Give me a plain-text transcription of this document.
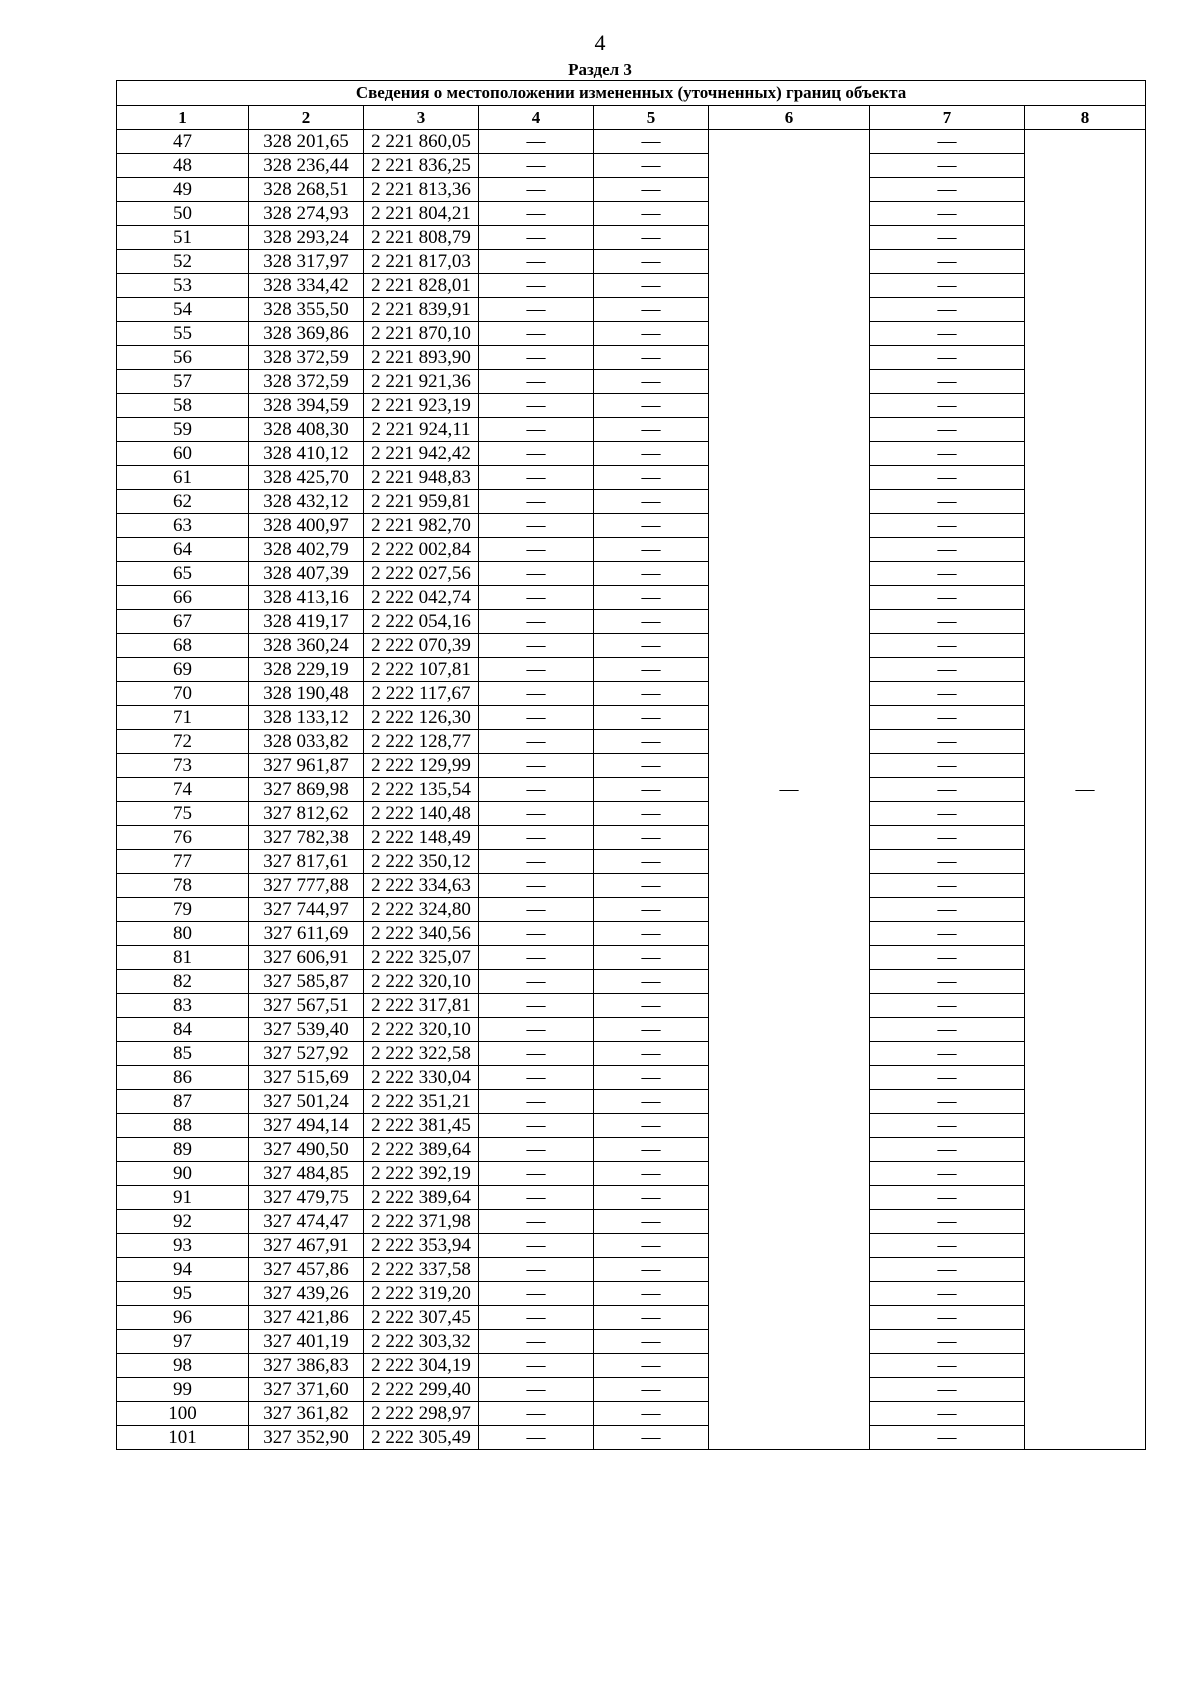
4
Раздел 3
Сведения о местоположении измененных (уточненных) границ объекта							
1	2	3	4	5	6	7	8
47	328 201,65	2 221 860,05	—	—	—	—	—
48	328 236,44	2 221 836,25	—	—		—	
49	328 268,51	2 221 813,36	—	—		—	
50	328 274,93	2 221 804,21	—	—		—	
51	328 293,24	2 221 808,79	—	—		—	
52	328 317,97	2 221 817,03	—	—		—	
53	328 334,42	2 221 828,01	—	—		—	
54	328 355,50	2 221 839,91	—	—		—	
55	328 369,86	2 221 870,10	—	—		—	
56	328 372,59	2 221 893,90	—	—		—	
57	328 372,59	2 221 921,36	—	—		—	
58	328 394,59	2 221 923,19	—	—		—	
59	328 408,30	2 221 924,11	—	—		—	
60	328 410,12	2 221 942,42	—	—		—	
61	328 425,70	2 221 948,83	—	—		—	
62	328 432,12	2 221 959,81	—	—		—	
63	328 400,97	2 221 982,70	—	—		—	
64	328 402,79	2 222 002,84	—	—		—	
65	328 407,39	2 222 027,56	—	—		—	
66	328 413,16	2 222 042,74	—	—		—	
67	328 419,17	2 222 054,16	—	—		—	
68	328 360,24	2 222 070,39	—	—		—	
69	328 229,19	2 222 107,81	—	—		—	
70	328 190,48	2 222 117,67	—	—		—	
71	328 133,12	2 222 126,30	—	—		—	
72	328 033,82	2 222 128,77	—	—		—	
73	327 961,87	2 222 129,99	—	—		—	
74	327 869,98	2 222 135,54	—	—		—	
75	327 812,62	2 222 140,48	—	—		—	
76	327 782,38	2 222 148,49	—	—		—	
77	327 817,61	2 222 350,12	—	—		—	
78	327 777,88	2 222 334,63	—	—		—	
79	327 744,97	2 222 324,80	—	—		—	
80	327 611,69	2 222 340,56	—	—		—	
81	327 606,91	2 222 325,07	—	—		—	
82	327 585,87	2 222 320,10	—	—		—	
83	327 567,51	2 222 317,81	—	—		—	
84	327 539,40	2 222 320,10	—	—		—	
85	327 527,92	2 222 322,58	—	—		—	
86	327 515,69	2 222 330,04	—	—		—	
87	327 501,24	2 222 351,21	—	—		—	
88	327 494,14	2 222 381,45	—	—		—	
89	327 490,50	2 222 389,64	—	—		—	
90	327 484,85	2 222 392,19	—	—		—	
91	327 479,75	2 222 389,64	—	—		—	
92	327 474,47	2 222 371,98	—	—		—	
93	327 467,91	2 222 353,94	—	—		—	
94	327 457,86	2 222 337,58	—	—		—	
95	327 439,26	2 222 319,20	—	—		—	
96	327 421,86	2 222 307,45	—	—		—	
97	327 401,19	2 222 303,32	—	—		—	
98	327 386,83	2 222 304,19	—	—		—	
99	327 371,60	2 222 299,40	—	—		—	
100	327 361,82	2 222 298,97	—	—		—	
101	327 352,90	2 222 305,49	—	—		—	
